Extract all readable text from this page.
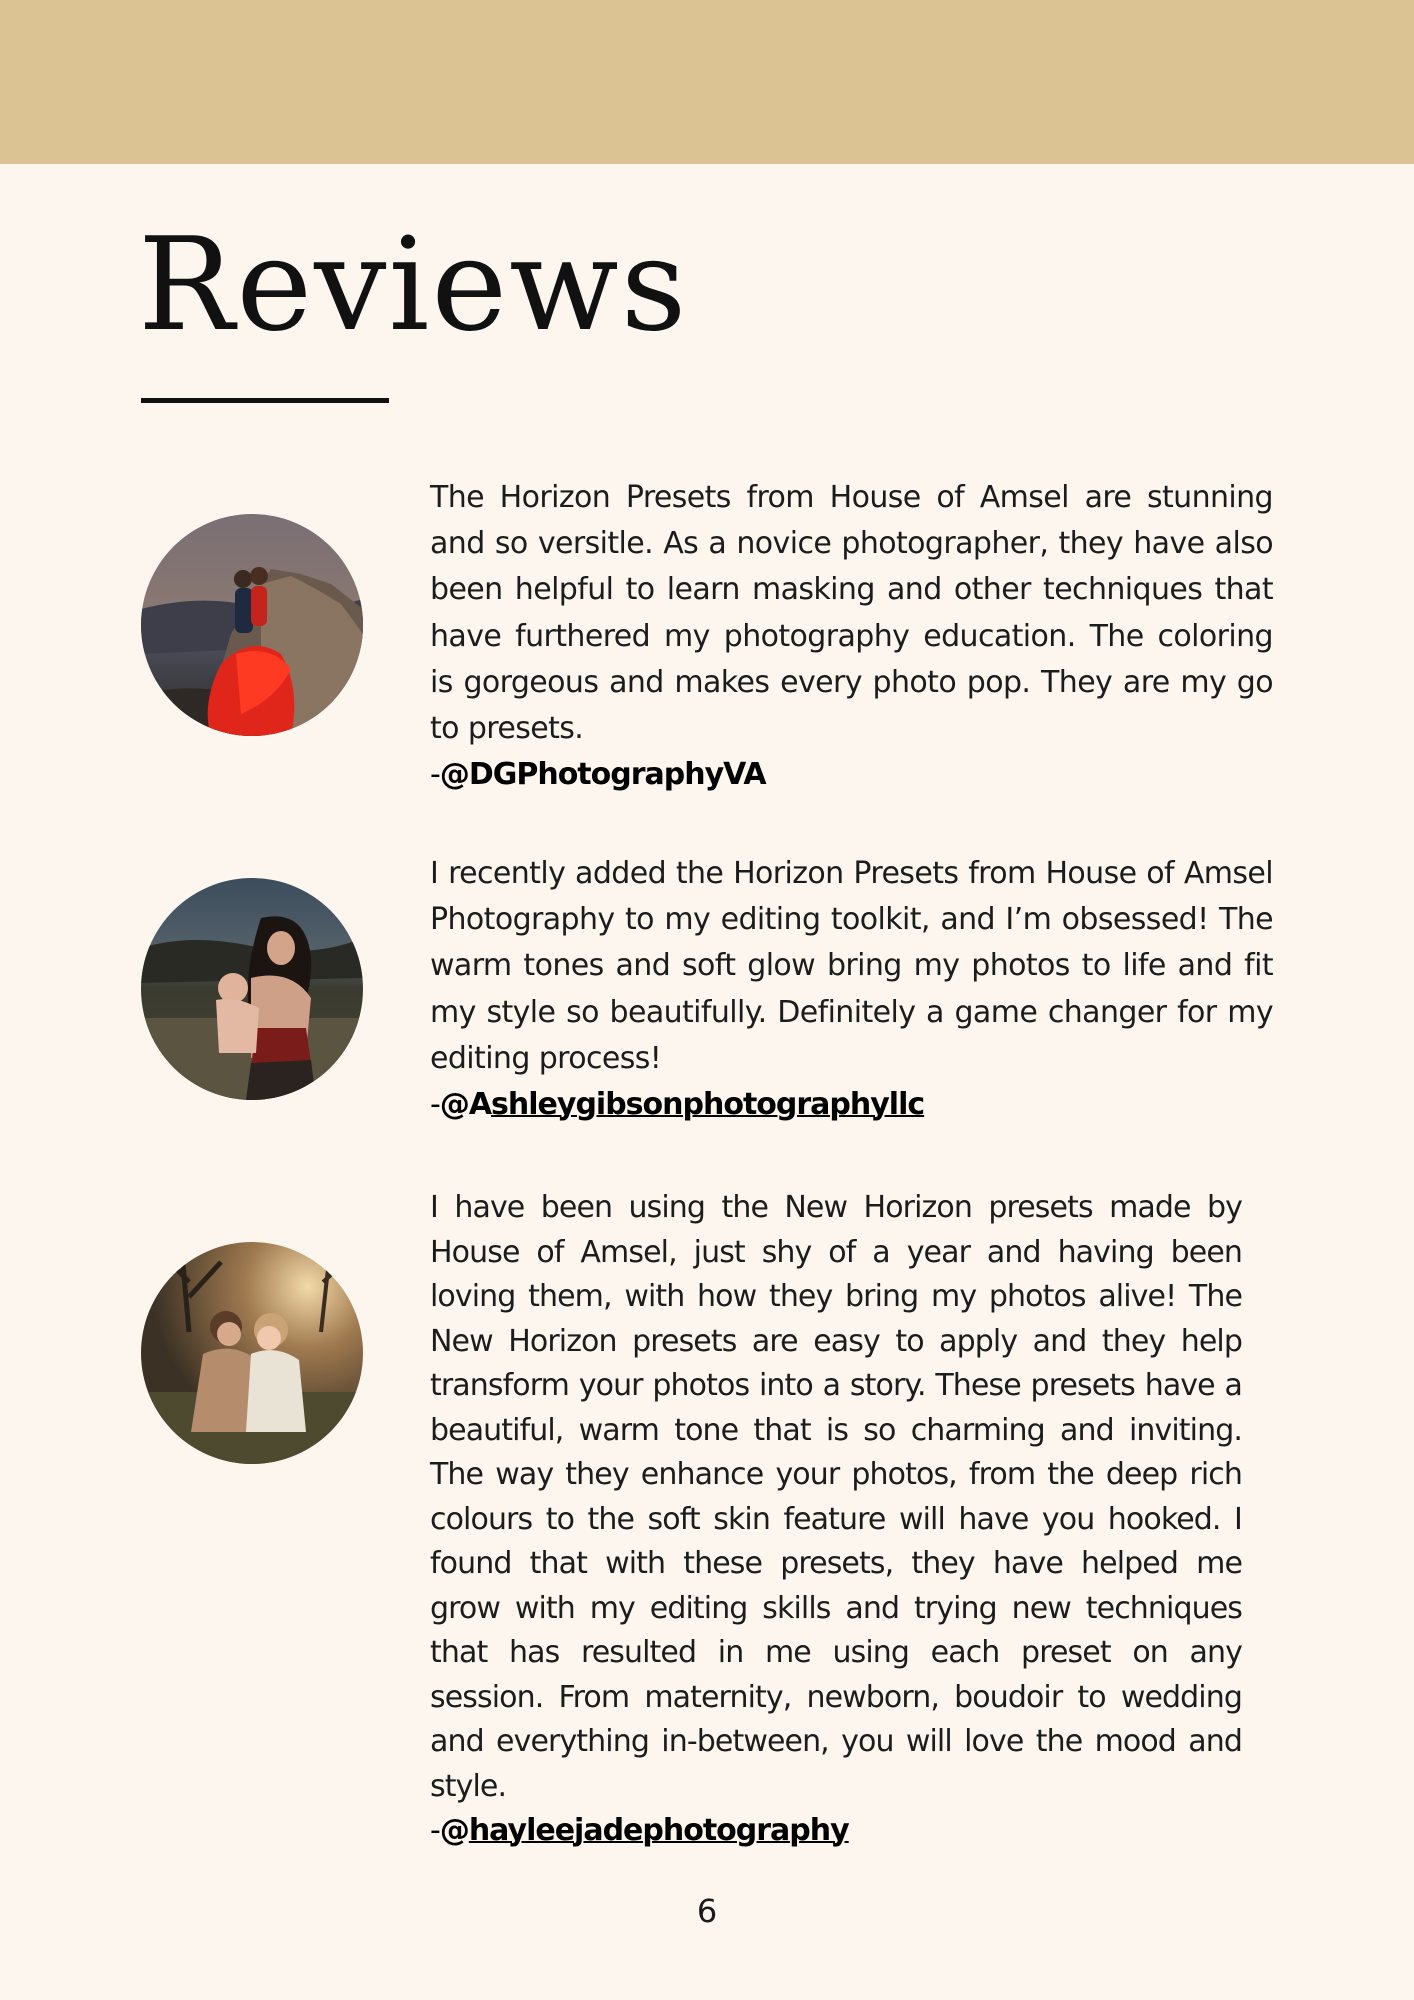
Reviews

The Horizon Presets from House of Amsel are stunning and so versitle. As a novice photographer, they have also been helpful to learn masking and other techniques that have furthered my photography education. The coloring is gorgeous and makes every photo pop. They are my go to presets.

-@DGPhotographyVA

I recently added the Horizon Presets from House of Amsel Photography to my editing toolkit, and I’m obsessed! The warm tones and soft glow bring my photos to life and fit my style so beautifully. Definitely a game changer for my editing process!

-@Ashleygibsonphotographyllc

I have been using the New Horizon presets made by House of Amsel, just shy of a year and having been loving them, with how they bring my photos alive! The New Horizon presets are easy to apply and they help transform your photos into a story. These presets have a beautiful, warm tone that is so charming and inviting. The way they enhance your photos, from the deep rich colours to the soft skin feature will have you hooked. I found that with these presets, they have helped me grow with my editing skills and trying new techniques that has resulted in me using each preset on any session. From maternity, newborn, boudoir to wedding and everything in-between, you will love the mood and style.

-@hayleejadephotography
6
